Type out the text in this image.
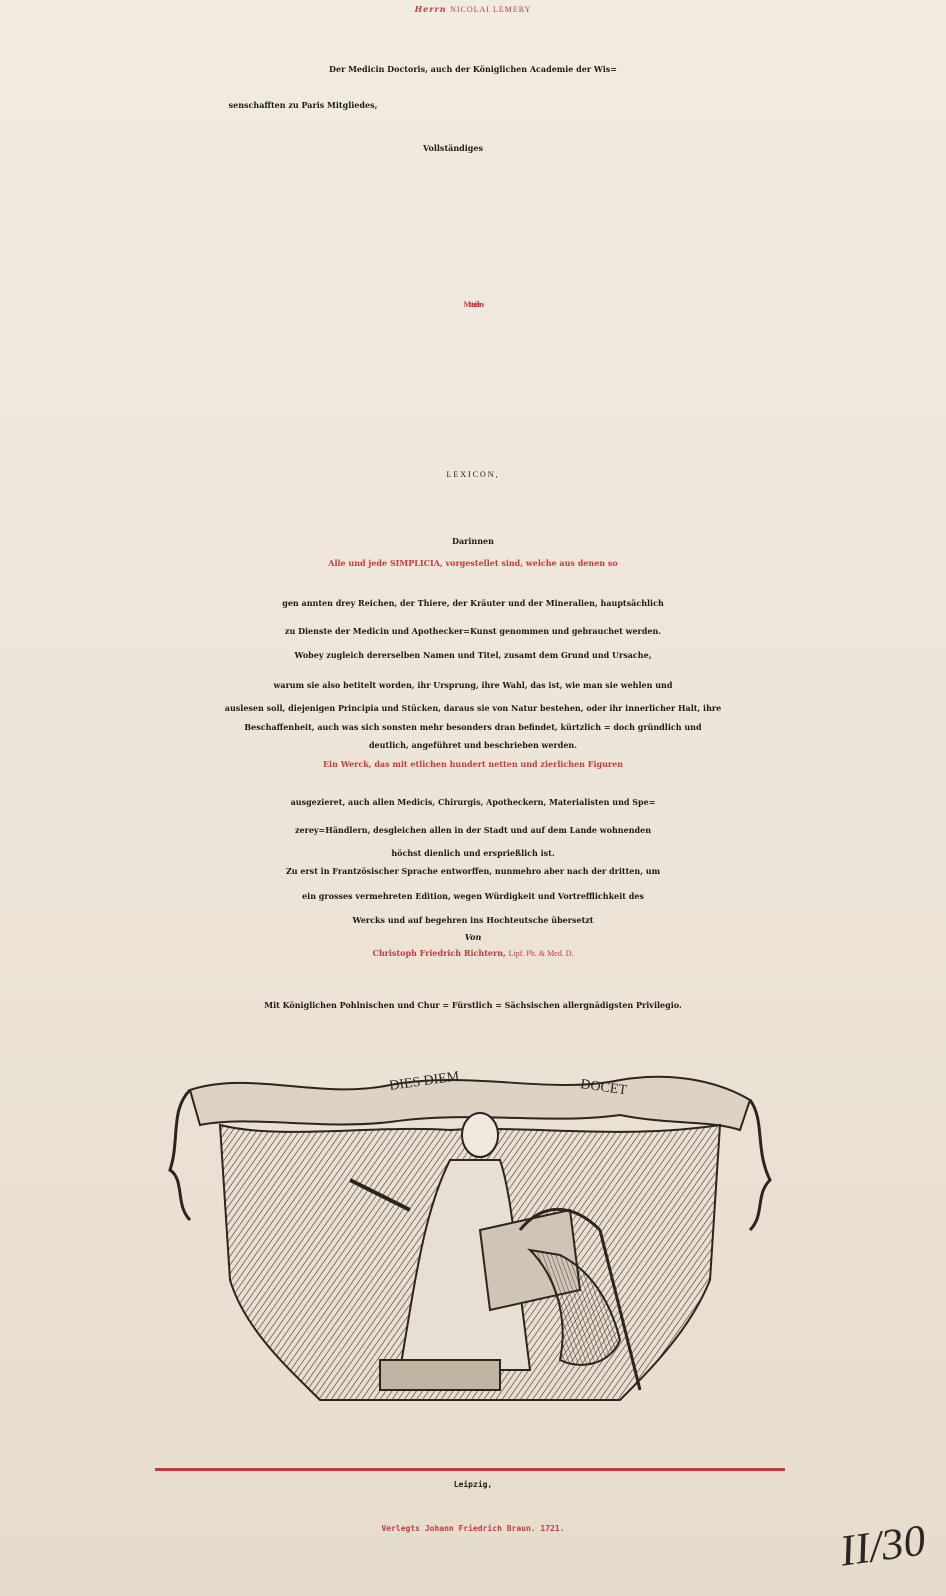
Herrn NICOLAI LEMERY
Der Medicin Doctoris, auch der Königlichen Academie der Wis=
senschafften zu Paris Mitgliedes,
Vollständiges
Materialien-
LEXICON,
Darinnen
Alle und jede SIMPLICIA, vorgestellet sind, welche aus denen so
gen annten drey Reichen, der Thiere, der Kräuter und der Mineralien, hauptsächlich
zu Dienste der Medicin und Apothecker=Kunst genommen und gebrauchet werden.
Wobey zugleich dererselben Namen und Titel, zusamt dem Grund und Ursache,
warum sie also betitelt worden, ihr Ursprung, ihre Wahl, das ist, wie man sie wehlen und
auslesen soll, diejenigen Principia und Stücken, daraus sie von Natur bestehen, oder ihr innerlicher Halt, ihre
Beschaffenheit, auch was sich sonsten mehr besonders dran befindet, kürtzlich = doch gründlich und
deutlich, angeführet und beschrieben werden.
Ein Werck, das mit etlichen hundert netten und zierlichen Figuren
ausgezieret, auch allen Medicis, Chirurgis, Apotheckern, Materialisten und Spe=
zerey=Händlern, desgleichen allen in der Stadt und auf dem Lande wohnenden
höchst dienlich und ersprießlich ist.
Zu erst in Frantzösischer Sprache entworffen, nunmehro aber nach der dritten, um
ein grosses vermehreten Edition, wegen Würdigkeit und Vortrefflichkeit des
Wercks und auf begehren ins Hochteutsche übersetzt
Von
Christoph Friedrich Richtern, Lipf. Ph. & Med. D.
Mit Königlichen Pohlnischen und Chur = Fürstlich = Sächsischen allergnädigsten Privilegio.
DIES DIEM	DOCET
Leipzig,
Verlegts Johann Friedrich Braun. 1721.	II/30
